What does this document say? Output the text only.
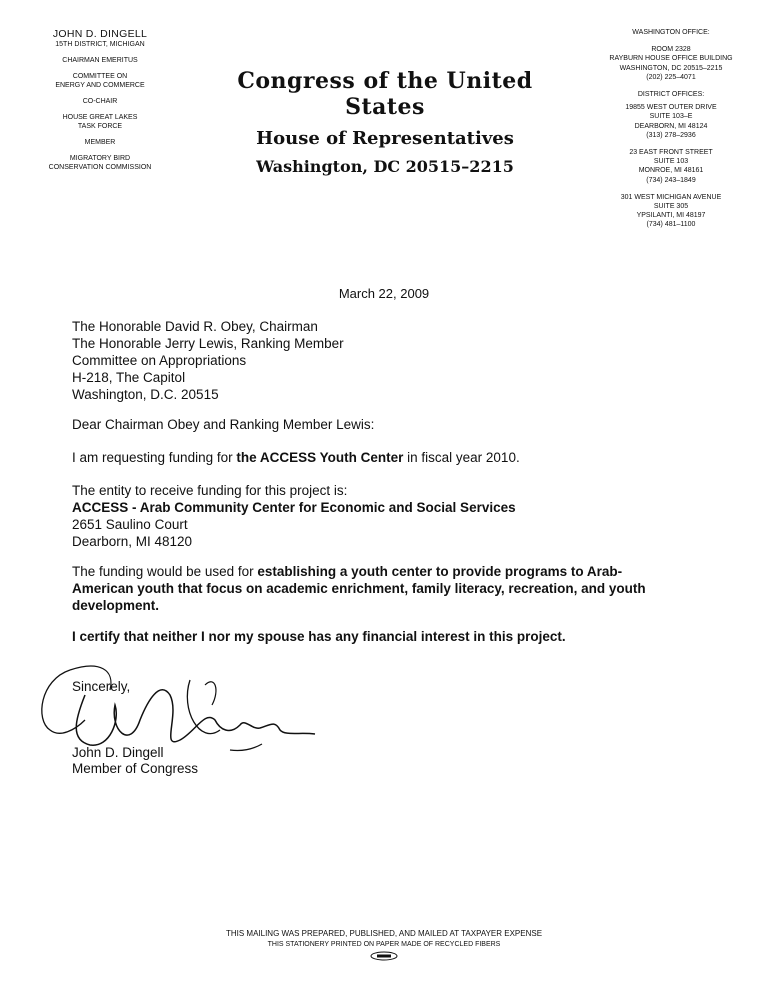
JOHN D. DINGELL
15TH DISTRICT, MICHIGAN
CHAIRMAN EMERITUS
COMMITTEE ON
ENERGY AND COMMERCE
CO-CHAIR
HOUSE GREAT LAKES
TASK FORCE
MEMBER
MIGRATORY BIRD
CONSERVATION COMMISSION
Congress of the United States
House of Representatives
Washington, DC 20515–2215
WASHINGTON OFFICE:
ROOM 2328
RAYBURN HOUSE OFFICE BUILDING
WASHINGTON, DC 20515–2215
(202) 225–4071
DISTRICT OFFICES:
19855 WEST OUTER DRIVE
SUITE 103–E
DEARBORN, MI 48124
(313) 278–2936
23 EAST FRONT STREET
SUITE 103
MONROE, MI 48161
(734) 243–1849
301 WEST MICHIGAN AVENUE
SUITE 305
YPSILANTI, MI 48197
(734) 481–1100
March 22, 2009
The Honorable David R. Obey, Chairman
The Honorable Jerry Lewis, Ranking Member
Committee on Appropriations
H-218, The Capitol
Washington, D.C. 20515
Dear Chairman Obey and Ranking Member Lewis:
I am requesting funding for the ACCESS Youth Center in fiscal year 2010.
The entity to receive funding for this project is:
ACCESS - Arab Community Center for Economic and Social Services
2651 Saulino Court
Dearborn, MI 48120
The funding would be used for establishing a youth center to provide programs to Arab-American youth that focus on academic enrichment, family literacy, recreation, and youth development.
I certify that neither I nor my spouse has any financial interest in this project.
Sincerely,
John D. Dingell
Member of Congress
THIS MAILING WAS PREPARED, PUBLISHED, AND MAILED AT TAXPAYER EXPENSE
THIS STATIONERY PRINTED ON PAPER MADE OF RECYCLED FIBERS
